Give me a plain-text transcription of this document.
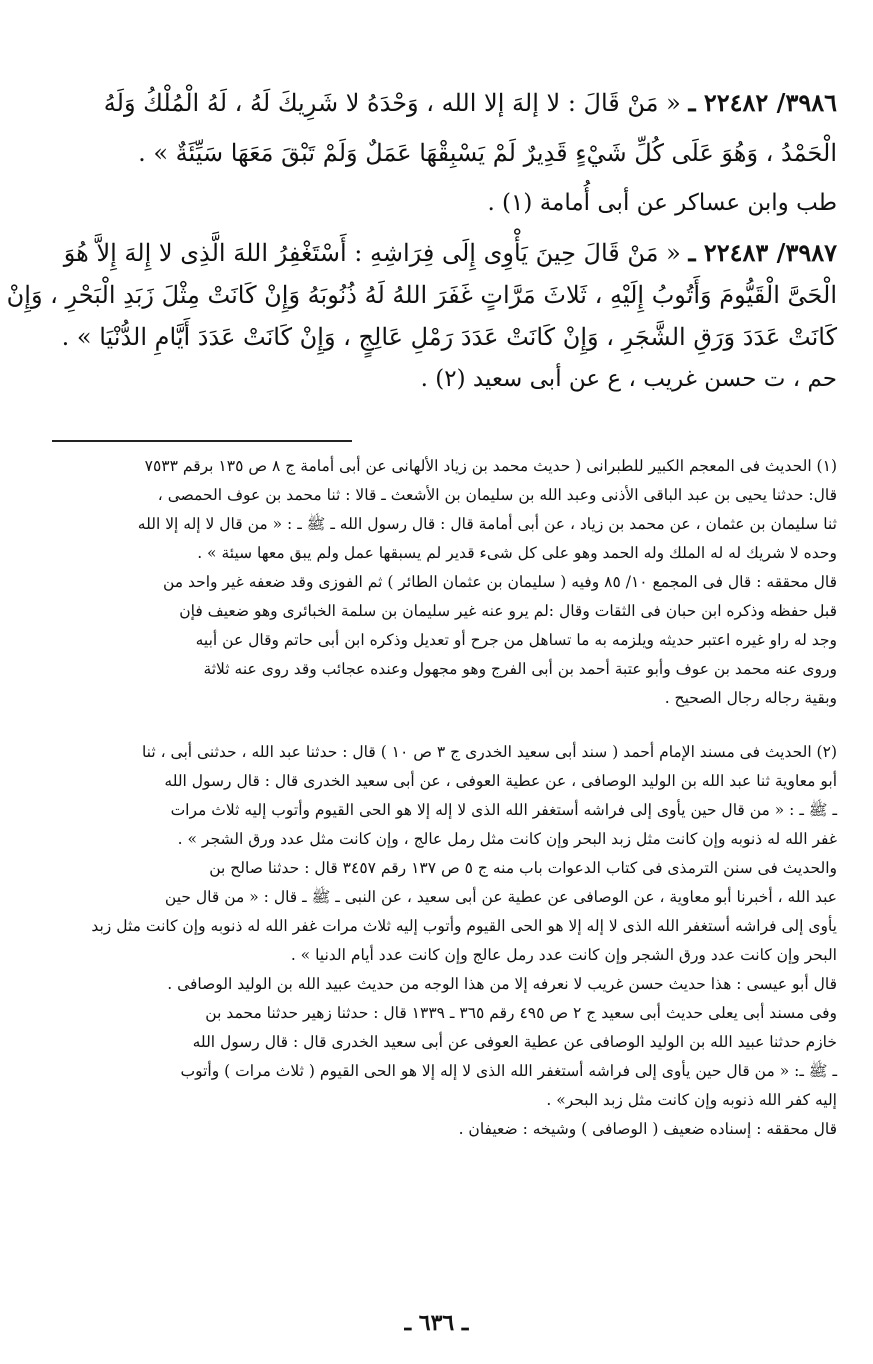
٣٩٨٦/ ٢٢٤٨٢ ـ « مَنْ قَالَ : لا إلهَ إلا الله ، وَحْدَهُ لا شَرِيكَ لَهُ ، لَهُ الْمُلْكُ وَلَهُ
الْحَمْدُ ، وَهُوَ عَلَى كُلِّ شَيْءٍ قَدِيرٌ لَمْ يَسْبِقْهَا عَمَلٌ وَلَمْ تَبْقَ مَعَهَا سَيِّئَةٌ » .
طب وابن عساكر عن أبى أُمامة (١) .
٣٩٨٧/ ٢٢٤٨٣ ـ « مَنْ قَالَ حِينَ يَأْوِى إِلَى فِرَاشِهِ : أَسْتَغْفِرُ اللهَ الَّذِى لا إِلهَ إِلاَّ هُوَ
الْحَىَّ الْقَيُّومَ وَأَتُوبُ إِلَيْهِ ، ثَلاثَ مَرَّاتٍ غَفَرَ اللهُ لَهُ ذُنُوبَهُ وَإِنْ كَانَتْ مِثْلَ زَبَدِ الْبَحْرِ ، وَإِنْ
كَانَتْ عَدَدَ وَرَقِ الشَّجَرِ ، وَإِنْ كَانَتْ عَدَدَ رَمْلِ عَالِجٍ ، وَإِنْ كَانَتْ عَدَدَ أَيَّامِ الدُّنْيَا » .
حم ، ت حسن غريب ، ع عن أبى سعيد (٢) .
(١) الحديث فى المعجم الكبير للطبرانى ( حديث محمد بن زياد الألهانى عن أبى أمامة ج ٨ ص ١٣٥ برقم ٧٥٣٣
قال: حدثنا يحيى بن عبد الباقى الأذنى وعبد الله بن سليمان بن الأشعث ـ قالا : ثنا محمد بن عوف الحمصى ،
ثنا سليمان بن عثمان ، عن محمد بن زياد ، عن أبى أمامة قال : قال رسول الله ـ ﷺ ـ : « من قال لا إله إلا الله
وحده لا شريك له له الملك وله الحمد وهو على كل شىء قدير لم يسبقها عمل ولم يبق معها سيئة » .
قال محققه : قال فى المجمع ١٠/ ٨٥ وفيه ( سليمان بن عثمان الطائر ) ثم الفوزى وقد ضعفه غير واحد من
قبل حفظه وذكره ابن حبان فى الثقات وقال :لم يرو عنه غير سليمان بن سلمة الخبائرى وهو ضعيف فإن
وجد له راو غيره اعتبر حديثه ويلزمه به ما تساهل من جرح أو تعديل وذكره ابن أبى حاتم وقال عن أبيه
وروى عنه محمد بن عوف وأبو عتبة أحمد بن أبى الفرج وهو مجهول وعنده عجائب وقد روى عنه ثلاثة
وبقية رجاله رجال الصحيح .
(٢) الحديث فى مسند الإمام أحمد ( سند أبى سعيد الخدرى ج ٣ ص ١٠ ) قال : حدثنا عبد الله ، حدثنى أبى ، ثنا
أبو معاوية ثنا عبد الله بن الوليد الوصافى ، عن عطية العوفى ، عن أبى سعيد الخدرى قال : قال رسول الله
ـ ﷺ ـ : « من قال حين يأوى إلى فراشه أستغفر الله الذى لا إله إلا هو الحى القيوم وأتوب إليه ثلاث مرات
غفر الله له ذنوبه وإن كانت مثل زبد البحر وإن كانت مثل رمل عالج ، وإن كانت مثل عدد ورق الشجر » .
والحديث فى سنن الترمذى فى كتاب الدعوات باب منه ج ٥ ص ١٣٧ رقم ٣٤٥٧ قال : حدثنا صالح بن
عبد الله ، أخبرنا أبو معاوية ، عن الوصافى عن عطية عن أبى سعيد ، عن النبى ـ ﷺ ـ قال : « من قال حين
يأوى إلى فراشه أستغفر الله الذى لا إله إلا هو الحى القيوم وأتوب إليه ثلاث مرات غفر الله له ذنوبه وإن كانت مثل زبد
البحر وإن كانت عدد ورق الشجر وإن كانت عدد رمل عالج وإن كانت عدد أيام الدنيا » .
قال أبو عيسى : هذا حديث حسن غريب لا نعرفه إلا من هذا الوجه من حديث عبيد الله بن الوليد الوصافى .
وفى مسند أبى يعلى حديث أبى سعيد ج ٢ ص ٤٩٥ رقم ٣٦٥ ـ ١٣٣٩ قال : حدثنا زهير حدثنا محمد بن
خازم حدثنا عبيد الله بن الوليد الوصافى عن عطية العوفى عن أبى سعيد الخدرى قال : قال رسول الله
ـ ﷺ ـ: « من قال حين يأوى إلى فراشه أستغفر الله الذى لا إله إلا هو الحى القيوم ( ثلاث مرات ) وأتوب
إليه كفر الله ذنوبه وإن كانت مثل زبد البحر» .
قال محققه : إسناده ضعيف ( الوصافى ) وشيخه : ضعيفان .
ـ ٦٣٦ ـ
